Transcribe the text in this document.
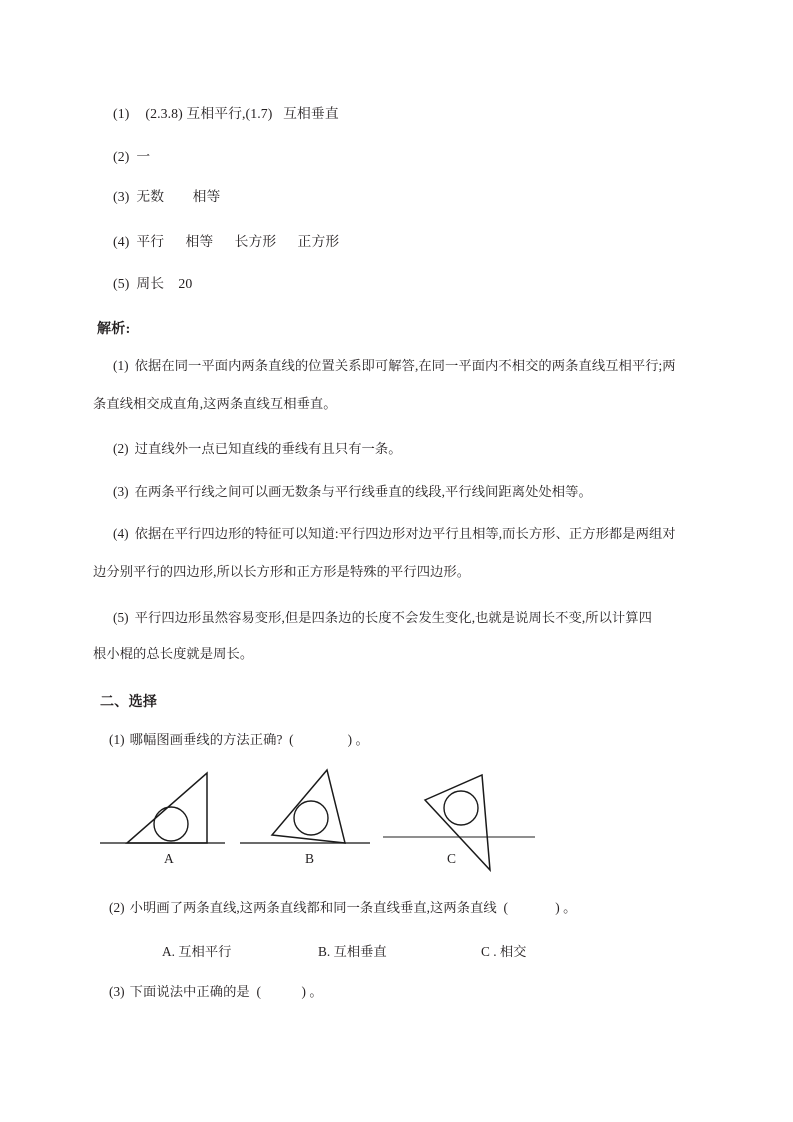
(1) (2.3.8) 互相平行,(1.7)   互相垂直
(2) 一
(3) 无数        相等
(4) 平行      相等      长方形      正方形
(5) 周长    20
解析:
(1) 依据在同一平面内两条直线的位置关系即可解答,在同一平面内不相交的两条直线互相平行;两
条直线相交成直角,这两条直线互相垂直。
(2) 过直线外一点已知直线的垂线有且只有一条。
(3) 在两条平行线之间可以画无数条与平行线垂直的线段,平行线间距离处处相等。
(4) 依据在平行四边形的特征可以知道:平行四边形对边平行且相等,而长方形、正方形都是两组对
边分别平行的四边形,所以长方形和正方形是特殊的平行四边形。
(5) 平行四边形虽然容易变形,但是四条边的长度不会发生变化,也就是说周长不变,所以计算四
根小棍的总长度就是周长。
二、选择
(1) 哪幅图画垂线的方法正确?  (                ) 。
A	B	C
(2) 小明画了两条直线,这两条直线都和同一条直线垂直,这两条直线  (              ) 。
A. 互相平行	B. 互相垂直	C . 相交
(3) 下面说法中正确的是  (            ) 。
